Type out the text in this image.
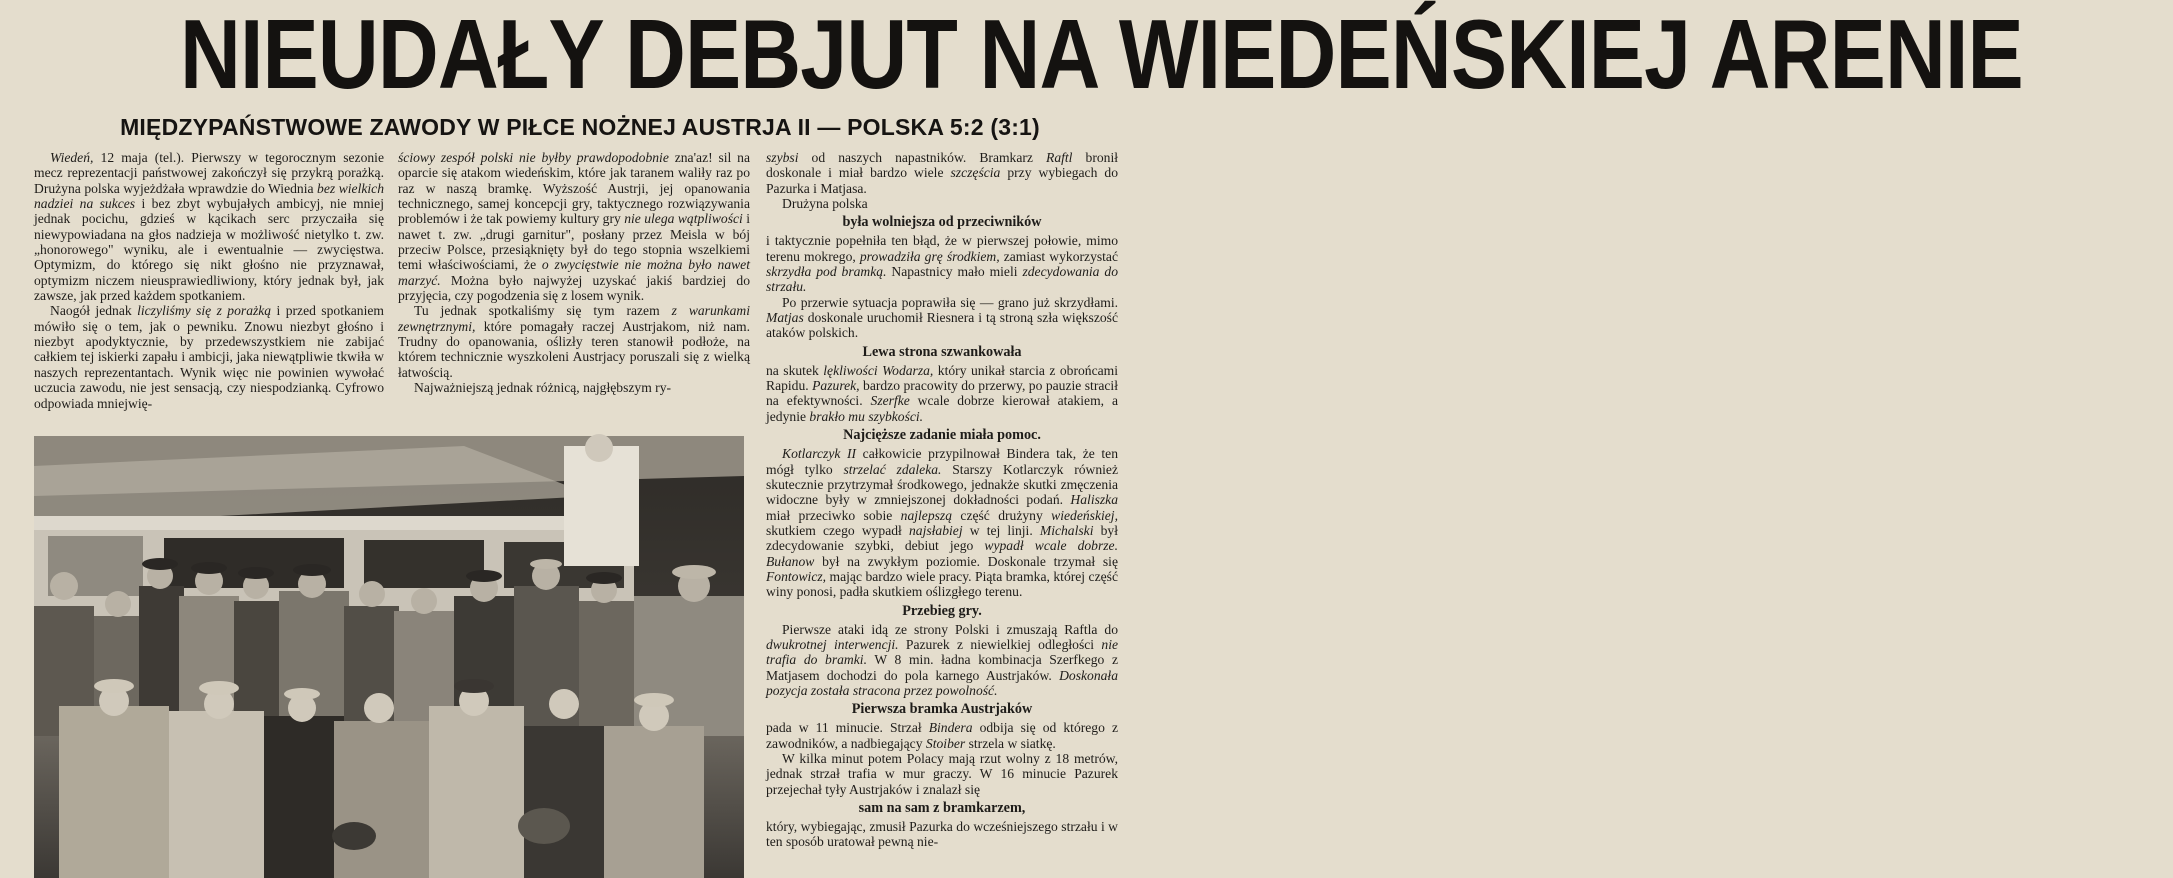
NIEUDAŁY DEBJUT NA WIEDEŃSKIEJ ARENIE
MIĘDZYPAŃSTWOWE ZAWODY W PIŁCE NOŻNEJ AUSTRJA II — POLSKA 5:2 (3:1)

Wiedeń, 12 maja (tel.). Pierwszy w tegorocznym sezonie mecz reprezentacji państwowej zakończył się przykrą porażką. Drużyna polska wyjeżdżała wprawdzie do Wiednia bez wielkich nadziei na sukces i bez zbyt wybujałych ambicyj, nie mniej jednak pocichu, gdzieś w kącikach serc przyczaiła się niewypowiadana na głos nadzieja w możliwość nietylko t. zw. „honorowego" wyniku, ale i ewentualnie — zwycięstwa. Optymizm, do którego się nikt głośno nie przyznawał, optymizm niczem nieusprawiedliwiony, który jednak był, jak zawsze, jak przed każdem spotkaniem.

Naogół jednak liczyliśmy się z porażką i przed spotkaniem mówiło się o tem, jak o pewniku. Znowu niezbyt głośno i niezbyt apodyktycznie, by przedewszystkiem nie zabijać całkiem tej iskierki zapału i ambicji, jaka niewątpliwie tkwiła w naszych reprezentantach. Wynik więc nie powinien wywołać uczucia zawodu, nie jest sensacją, czy niespodzianką. Cyfrowo odpowiada mniejwię-

ściowy zespół polski nie byłby prawdopodobnie zna'az! sil na oparcie się atakom wiedeńskim, które jak taranem waliły raz po raz w naszą bramkę. Wyższość Austrji, jej opanowania technicznego, samej koncepcji gry, taktycznego rozwiązywania problemów i że tak powiemy kultury gry nie ulega wątpliwości i nawet t. zw. „drugi garnitur", posłany przez Meisla w bój przeciw Polsce, przesiąknięty był do tego stopnia wszelkiemi temi właściwościami, że o zwycięstwie nie można było nawet marzyć. Można było najwyżej uzyskać jakiś bardziej do przyjęcia, czy pogodzenia się z losem wynik.

Tu jednak spotkaliśmy się tym razem z warunkami zewnętrznymi, które pomagały raczej Austrjakom, niż nam. Trudny do opanowania, oślizły teren stanowił podłoże, na którem technicznie wyszkoleni Austrjacy poruszali się z wielką łatwością.

Najważniejszą jednak różnicą, najgłębszym ry-

szybsi od naszych napastników. Bramkarz Raftl bronił doskonale i miał bardzo wiele szczęścia przy wybiegach do Pazurka i Matjasa.

Drużyna polska

była wolniejsza od przeciwników

i taktycznie popełniła ten błąd, że w pierwszej połowie, mimo terenu mokrego, prowadziła grę środkiem, zamiast wykorzystać skrzydła pod bramką. Napastnicy mało mieli zdecydowania do strzału.

Po przerwie sytuacja poprawiła się — grano już skrzydłami. Matjas doskonale uruchomił Riesnera i tą stroną szła większość ataków polskich.

Lewa strona szwankowała

na skutek lękliwości Wodarza, który unikał starcia z obrońcami Rapidu. Pazurek, bardzo pracowity do przerwy, po pauzie stracił na efektywności. Szerfke wcale dobrze kierował atakiem, a jedynie brakło mu szybkości.

Najcięższe zadanie miała pomoc.

Kotlarczyk II całkowicie przypilnował Bindera tak, że ten mógł tylko strzelać zdaleka. Starszy Kotlarczyk również skutecznie przytrzymał środkowego, jednakże skutki zmęczenia widoczne były w zmniejszonej dokładności podań. Haliszka miał przeciwko sobie najlepszą część drużyny wiedeńskiej, skutkiem czego wypadł najsłabiej w tej linji. Michalski był zdecydowanie szybki, debiut jego wypadł wcale dobrze. Bułanow był na zwykłym poziomie. Doskonale trzymał się Fontowicz, mając bardzo wiele pracy. Piąta bramka, której część winy ponosi, padła skutkiem oślizgłego terenu.

Przebieg gry.

Pierwsze ataki idą ze strony Polski i zmuszają Raftla do dwukrotnej interwencji. Pazurek z niewielkiej odległości nie trafia do bramki. W 8 min. ładna kombinacja Szerfkego z Matjasem dochodzi do pola karnego Austrjaków. Doskonała pozycja została stracona przez powolność.

Pierwsza bramka Austrjaków

pada w 11 minucie. Strzał Bindera odbija się od którego z zawodników, a nadbiegający Stoiber strzela w siatkę.

W kilka minut potem Polacy mają rzut wolny z 18 metrów, jednak strzał trafia w mur graczy. W 16 minucie Pazurek przejechał tyły Austrjaków i znalazł się

sam na sam z bramkarzem,

który, wybiegając, zmusił Pazurka do wcześniejszego strzału i w ten sposób uratował pewną nie-
